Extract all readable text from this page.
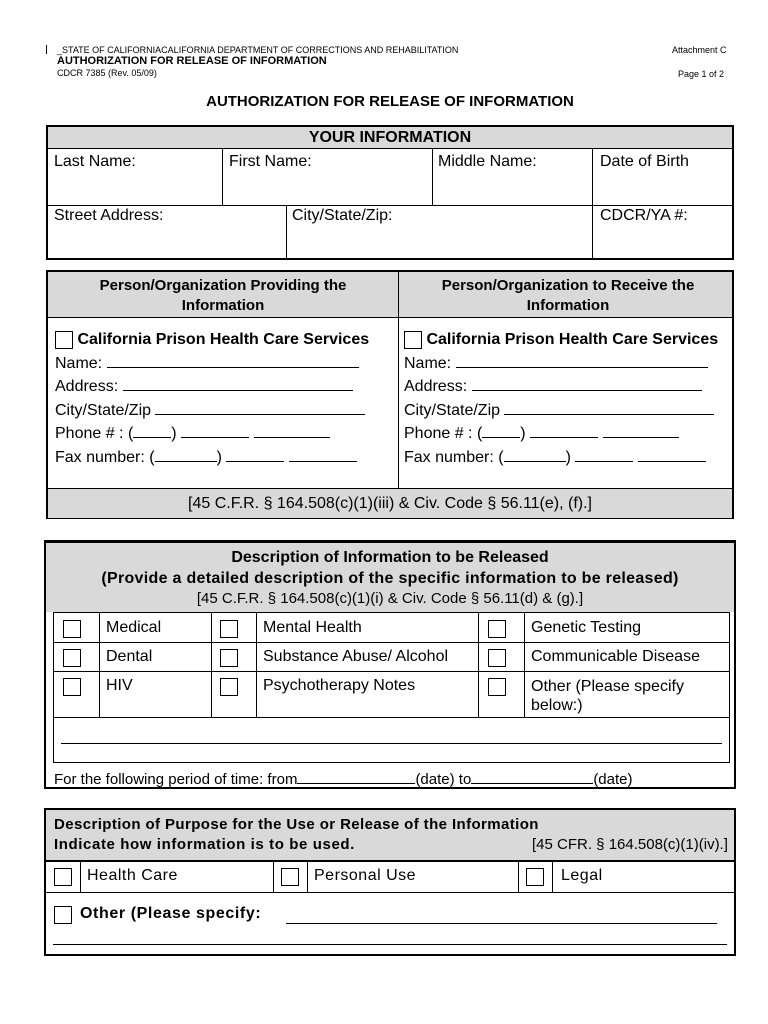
_STATE OF CALIFORNIACALIFORNIA DEPARTMENT OF CORRECTIONS AND REHABILITATION
AUTHORIZATION FOR RELEASE OF INFORMATION
CDCR 7385 (Rev. 05/09)
Attachment C
Page 1 of 2
AUTHORIZATION FOR RELEASE OF INFORMATION
YOUR INFORMATION
Last Name:	First Name:	Middle Name:	Date of Birth
Street Address:	City/State/Zip:	CDCR/YA #:
Person/Organization Providing the Information
Person/Organization to Receive the Information
California Prison Health Care Services
Name:
Address:
City/State/Zip
Phone # : ( )
Fax number: (	)
California Prison Health Care Services
Name:
Address:
City/State/Zip
Phone # : ( )
Fax number: (	)
[45 C.F.R. § 164.508(c)(1)(iii) & Civ. Code § 56.11(e), (f).]
Description of Information to be Released
(Provide a detailed description of the specific information to be released)
[45 C.F.R. § 164.508(c)(1)(i) & Civ. Code § 56.11(d) & (g).]
Medical	Mental Health	Genetic Testing
Dental	Substance Abuse/ Alcohol	Communicable Disease
HIV	Psychotherapy Notes	Other (Please specify below:)
For the following period of time: from	(date) to	(date)
Description of Purpose for the Use or Release of the Information
Indicate how information is to be used.	[45 CFR. § 164.508(c)(1)(iv).]
Health Care	Personal Use	Legal
Other (Please specify:
